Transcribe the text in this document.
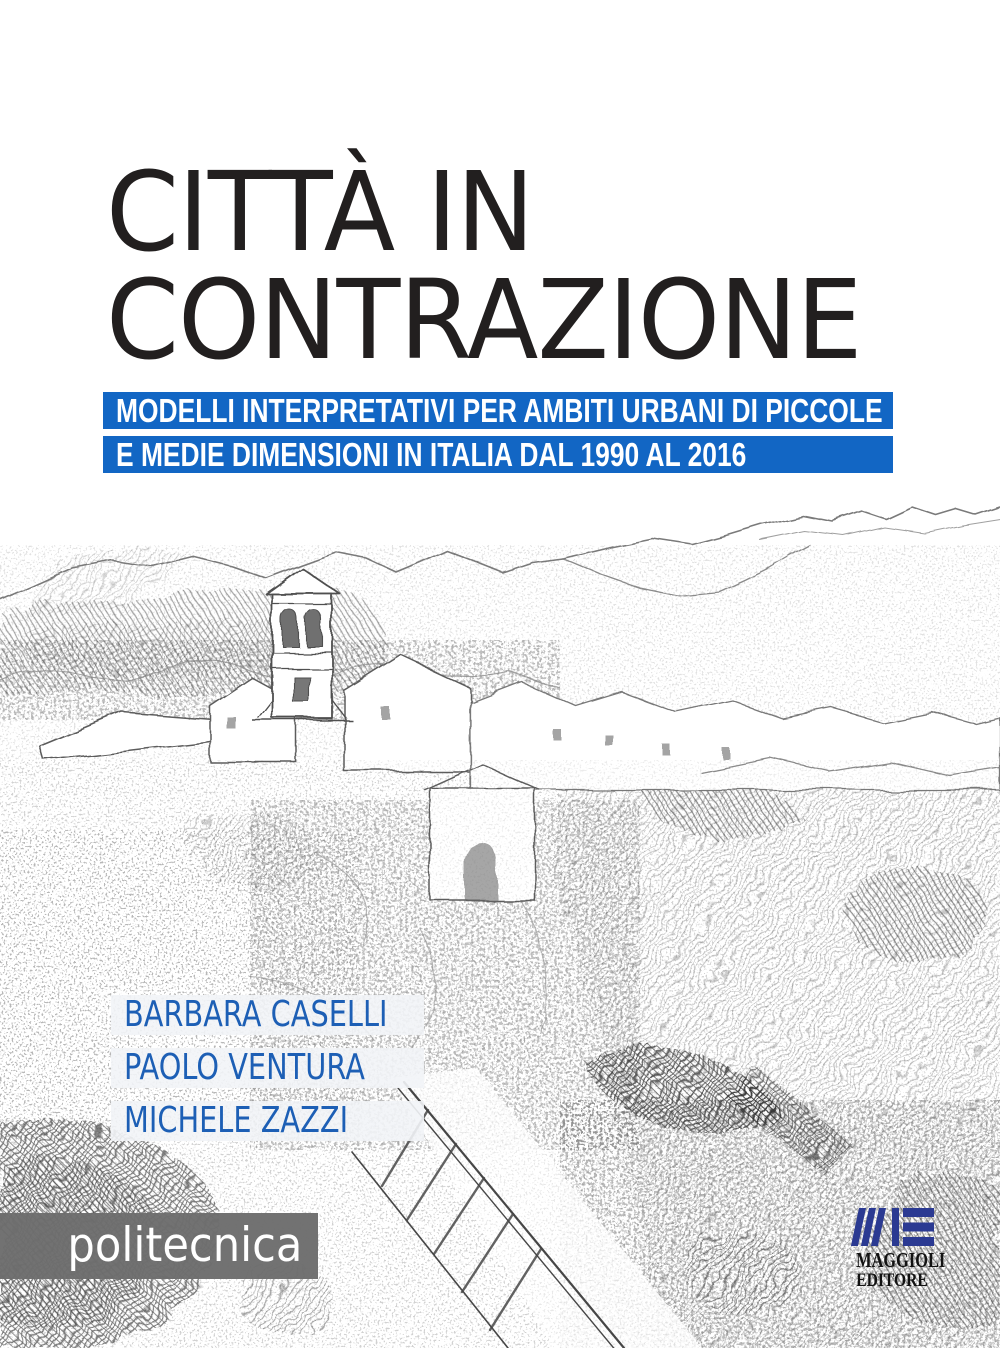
CITTÀ IN
CONTRAZIONE
MODELLI INTERPRETATIVI PER AMBITI URBANI DI PICCOLE
E MEDIE DIMENSIONI IN ITALIA DAL 1990 AL 2016
BARBARA CASELLI
PAOLO VENTURA
MICHELE ZAZZI
politecnica	MAGGIOLI
EDITORE
